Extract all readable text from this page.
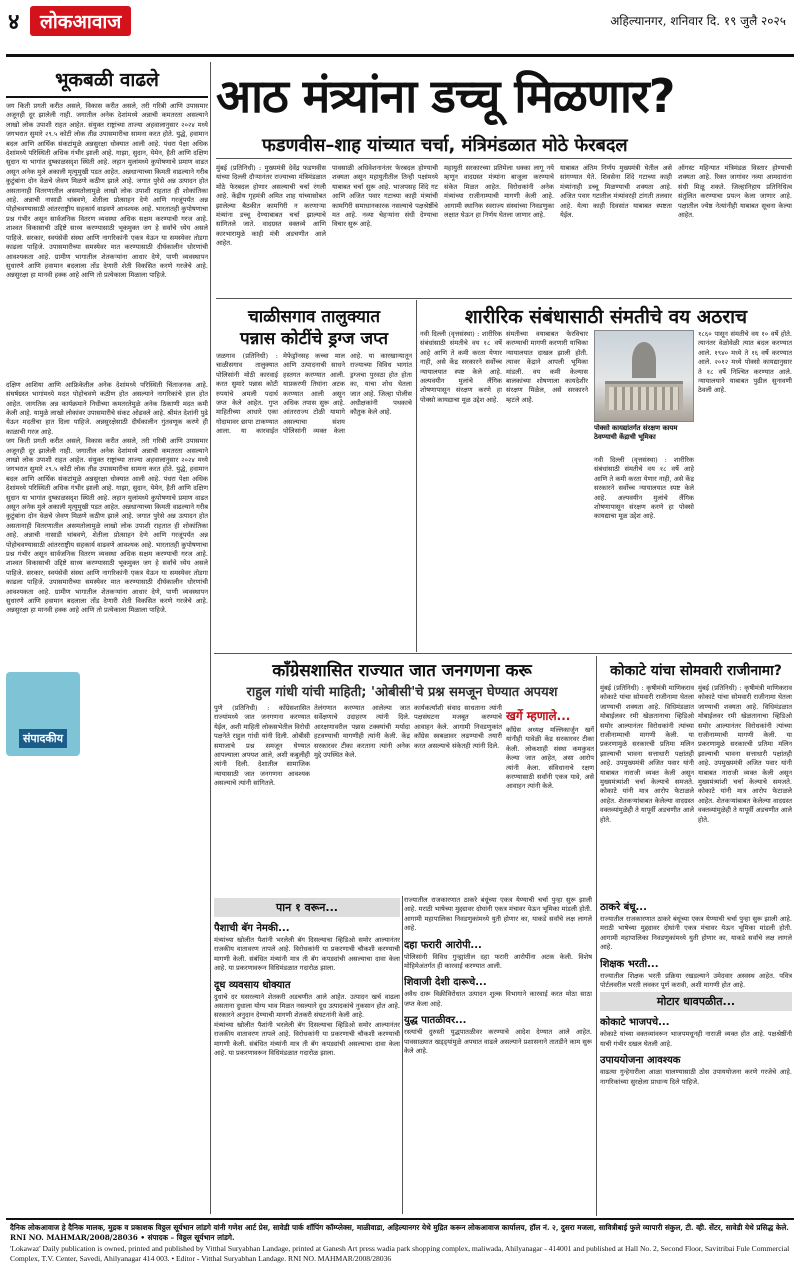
४	लोकआवाज	अहिल्यानगर, शनिवार दि. १९ जुलै २०२५
भूकबळी वाढले
जग किती प्रगती करीत असले, विकास करीत असले, तरी गरिबी आणि उपासमार अजूनही दूर झालेली नाही. जगातील अनेक देशांमध्ये अन्नाची कमतरता असल्याने लाखो लोक उपाशी राहत आहेत. संयुक्त राष्ट्रांच्या ताज्या अहवालानुसार २०२४ मध्ये जगभरात सुमारे २९.५ कोटी लोक तीव्र उपासमारीचा सामना करत होते. युद्धे, हवामान बदल आणि आर्थिक संकटांमुळे अन्नसुरक्षा धोक्यात आली आहे. पंधरा पेक्षा अधिक देशांमध्ये परिस्थिती अधिक गंभीर झाली आहे. गाझा, सुदान, येमेन, हैती आणि दक्षिण सुदान या भागांत दुष्काळसदृश स्थिती आहे. लहान मुलांमध्ये कुपोषणाचे प्रमाण वाढत असून अनेक मुले अकाली मृत्युमुखी पडत आहेत. अन्नधान्याच्या किमती वाढल्याने गरीब कुटुंबांना दोन वेळचे जेवण मिळणे कठीण झाले आहे. जगात पुरेसे अन्न उत्पादन होत असतानाही वितरणातील असमतोलामुळे लाखो लोक उपाशी राहतात ही शोकांतिका आहे. अन्नाची नासाडी थांबवणे, शेतीला प्रोत्साहन देणे आणि गरजूंपर्यंत अन्न पोहोचवण्यासाठी आंतरराष्ट्रीय सहकार्य वाढवणे आवश्यक आहे. भारतातही कुपोषणाचा प्रश्न गंभीर असून सार्वजनिक वितरण व्यवस्था अधिक सक्षम करण्याची गरज आहे. शाश्वत विकासाची उद्दिष्टे साध्य करण्यासाठी भूकमुक्त जग हे सर्वांचे ध्येय असले पाहिजे. सरकार, स्वयंसेवी संस्था आणि नागरिकांनी एकत्र येऊन या समस्येवर तोडगा काढला पाहिजे. उपासमारीच्या समस्येवर मात करण्यासाठी दीर्घकालीन धोरणांची आवश्यकता आहे. ग्रामीण भागातील शेतकऱ्यांना आधार देणे, पाणी व्यवस्थापन सुधारणे आणि हवामान बदलाला तोंड देणारी शेती विकसित करणे गरजेचे आहे. अन्नसुरक्षा हा मानवी हक्क आहे आणि तो प्रत्येकाला मिळाला पाहिजे.
दक्षिण आशिया आणि आफ्रिकेतील अनेक देशांमध्ये परिस्थिती चिंताजनक आहे. संघर्षग्रस्त भागांमध्ये मदत पोहोचवणे कठीण होत असल्याने नागरिकांचे हाल होत आहेत. जागतिक अन्न कार्यक्रमाने निधीच्या कमतरतेमुळे अनेक ठिकाणी मदत कमी केली आहे. यामुळे लाखो लोकांवर उपासमारीचे संकट ओढवले आहे. श्रीमंत देशांनी पुढे येऊन मदतीचा हात दिला पाहिजे. अन्नसुरक्षेसाठी दीर्घकालीन गुंतवणूक करणे ही काळाची गरज आहे.
जग किती प्रगती करीत असले, विकास करीत असले, तरी गरिबी आणि उपासमार अजूनही दूर झालेली नाही. जगातील अनेक देशांमध्ये अन्नाची कमतरता असल्याने लाखो लोक उपाशी राहत आहेत. संयुक्त राष्ट्रांच्या ताज्या अहवालानुसार २०२४ मध्ये जगभरात सुमारे २९.५ कोटी लोक तीव्र उपासमारीचा सामना करत होते. युद्धे, हवामान बदल आणि आर्थिक संकटांमुळे अन्नसुरक्षा धोक्यात आली आहे. पंधरा पेक्षा अधिक देशांमध्ये परिस्थिती अधिक गंभीर झाली आहे. गाझा, सुदान, येमेन, हैती आणि दक्षिण सुदान या भागांत दुष्काळसदृश स्थिती आहे. लहान मुलांमध्ये कुपोषणाचे प्रमाण वाढत असून अनेक मुले अकाली मृत्युमुखी पडत आहेत. अन्नधान्याच्या किमती वाढल्याने गरीब कुटुंबांना दोन वेळचे जेवण मिळणे कठीण झाले आहे. जगात पुरेसे अन्न उत्पादन होत असतानाही वितरणातील असमतोलामुळे लाखो लोक उपाशी राहतात ही शोकांतिका आहे. अन्नाची नासाडी थांबवणे, शेतीला प्रोत्साहन देणे आणि गरजूंपर्यंत अन्न पोहोचवण्यासाठी आंतरराष्ट्रीय सहकार्य वाढवणे आवश्यक आहे. भारतातही कुपोषणाचा प्रश्न गंभीर असून सार्वजनिक वितरण व्यवस्था अधिक सक्षम करण्याची गरज आहे. शाश्वत विकासाची उद्दिष्टे साध्य करण्यासाठी भूकमुक्त जग हे सर्वांचे ध्येय असले पाहिजे. सरकार, स्वयंसेवी संस्था आणि नागरिकांनी एकत्र येऊन या समस्येवर तोडगा काढला पाहिजे. उपासमारीच्या समस्येवर मात करण्यासाठी दीर्घकालीन धोरणांची आवश्यकता आहे. ग्रामीण भागातील शेतकऱ्यांना आधार देणे, पाणी व्यवस्थापन सुधारणे आणि हवामान बदलाला तोंड देणारी शेती विकसित करणे गरजेचे आहे. अन्नसुरक्षा हा मानवी हक्क आहे आणि तो प्रत्येकाला मिळाला पाहिजे.
संपादकीय
आठ मंत्र्यांना डच्चू मिळणार?
फडणवीस–शाह यांच्यात चर्चा, मंत्रिमंडळात मोठे फेरबदल
मुंबई (प्रतिनिधी) : मुख्यमंत्री देवेंद्र फडणवीस यांच्या दिल्ली दौऱ्यानंतर राज्याच्या मंत्रिमंडळात मोठे फेरबदल होणार असल्याची चर्चा रंगली आहे. केंद्रीय गृहमंत्री अमित शाह यांच्यासोबत झालेल्या बैठकीत कामगिरी न करणाऱ्या मंत्र्यांना डच्चू देण्याबाबत चर्चा झाल्याचे सांगितले जाते. वादग्रस्त वक्तव्ये आणि कारभारामुळे काही मंत्री अडचणीत आले आहेत.
पावसाळी अधिवेशनानंतर फेरबदल होण्याची शक्यता असून महायुतीतील तिन्ही पक्षांमध्ये याबाबत चर्चा सुरू आहे. भाजपसह शिंदे गट आणि अजित पवार गटाच्या काही मंत्र्यांची कामगिरी समाधानकारक नसल्याचे पक्षश्रेष्ठींचे मत आहे. नव्या चेहऱ्यांना संधी देण्याचा विचार सुरू आहे.
महायुती सरकारच्या प्रतिमेला धक्का लागू नये म्हणून वादग्रस्त मंत्र्यांना बाजूला करण्याचे संकेत मिळत आहेत. विरोधकांनी अनेक मंत्र्यांच्या राजीनाम्याची मागणी केली आहे. आगामी स्थानिक स्वराज्य संस्थांच्या निवडणुका लक्षात घेऊन हा निर्णय घेतला जाणार आहे.
याबाबत अंतिम निर्णय मुख्यमंत्री घेतील असे सांगण्यात येते. शिवसेना शिंदे गटाच्या काही मंत्र्यांनाही डच्चू मिळण्याची शक्यता आहे. अजित पवार गटातील मंत्र्यांवरही टांगती तलवार आहे. येत्या काही दिवसांत याबाबत स्पष्टता येईल.
ऑगस्ट महिन्यात मंत्रिमंडळ विस्तार होण्याची शक्यता आहे. रिक्त जागांवर नव्या आमदारांना संधी मिळू शकते. जिल्हानिहाय प्रतिनिधित्व संतुलित करण्याचा प्रयत्न केला जाणार आहे. पक्षातील ज्येष्ठ नेत्यांनीही याबाबत सूचना केल्या आहेत.
चाळीसगाव तालुक्यात
पन्नास कोटींचे ड्रग्ज जप्त
जळगाव (प्रतिनिधी) : चाळीसगाव तालुक्यात पोलिसांनी मोठी कारवाई करत सुमारे पन्नास कोटी रुपयांचे अमली पदार्थ जप्त केले आहेत. गुप्त माहितीच्या आधारे एका गोदामावर छापा टाकण्यात आला. या कारवाईत मेफेड्रॉनसह कच्चा माल आणि उत्पादनाची साधने हस्तगत करण्यात आली. याप्रकरणी तिघांना अटक करण्यात आली असून अधिक तपास सुरू आहे. आंतरराज्य टोळी यामागे असल्याचा संशय पोलिसांनी व्यक्त केला आहे. या कारखान्यातून राज्याच्या विविध भागांत ड्रग्जचा पुरवठा होत होता का, याचा शोध घेतला जात आहे. जिल्हा पोलीस अधीक्षकांनी पथकाचे कौतुक केले आहे.
शारीरिक संबंधासाठी संमतीचे वय अठराच
नवी दिल्ली (वृत्तसंस्था) : शारीरिक संबंधांसाठी संमतीचे वय १८ वर्षे आहे आणि ते कमी करता येणार नाही, असे केंद्र सरकारने सर्वोच्च न्यायालयात स्पष्ट केले आहे. अल्पवयीन मुलांचे लैंगिक शोषणापासून संरक्षण करणे हा पोक्सो कायद्याचा मूळ उद्देश आहे.
संमतीच्या वयाबाबत फेरविचार करण्याची मागणी करणारी याचिका न्यायालयात दाखल झाली होती. त्यावर केंद्राने आपली भूमिका मांडली. वय कमी केल्यास बालकांच्या शोषणाला कायदेशीर संरक्षण मिळेल, असे सरकारने म्हटले आहे.
पोक्सो कायद्यांतर्गत संरक्षण कायम ठेवण्याची केंद्राची भूमिका
नवी दिल्ली (वृत्तसंस्था) : शारीरिक संबंधांसाठी संमतीचे वय १८ वर्षे आहे आणि ते कमी करता येणार नाही, असे केंद्र सरकारने सर्वोच्च न्यायालयात स्पष्ट केले आहे. अल्पवयीन मुलांचे लैंगिक शोषणापासून संरक्षण करणे हा पोक्सो कायद्याचा मूळ उद्देश आहे.
१८६० पासून संमतीचे वय १० वर्षे होते. त्यानंतर वेळोवेळी त्यात बदल करण्यात आले. १९४० मध्ये ते १६ वर्षे करण्यात आले. २०१२ मध्ये पोक्सो कायद्यानुसार ते १८ वर्षे निश्चित करण्यात आले. न्यायालयाने याबाबत पुढील सुनावणी ठेवली आहे.
काँग्रेसशासित राज्यात जात जनगणना करू
राहुल गांधी यांची माहिती; 'ओबीसी'चे प्रश्न समजून घेण्यात अपयश
पुणे (प्रतिनिधी) : काँग्रेसशासित राज्यांमध्ये जात जनगणना करण्यात येईल, अशी माहिती लोकसभेतील विरोधी पक्षनेते राहुल गांधी यांनी दिली. ओबीसी समाजाचे प्रश्न समजून घेण्यात आपल्याला अपयश आले, अशी कबुलीही त्यांनी दिली. देशातील सामाजिक न्यायासाठी जात जनगणना आवश्यक असल्याचे त्यांनी सांगितले.
तेलंगणात करण्यात आलेल्या जात सर्वेक्षणाचे उदाहरण त्यांनी दिले. आरक्षणावरील पन्नास टक्क्यांची मर्यादा हटवण्याची मागणीही त्यांनी केली. केंद्र सरकारवर टीका करताना त्यांनी अनेक मुद्दे उपस्थित केले.
कार्यकर्त्यांशी संवाद साधताना त्यांनी पक्षसंघटना मजबूत करण्याचे आवाहन केले. आगामी निवडणुकांत काँग्रेस स्वबळावर लढण्याची तयारी करत असल्याचे संकेतही त्यांनी दिले.
खर्गे म्हणाले...
काँग्रेस अध्यक्ष मल्लिकार्जुन खर्गे यांनीही यावेळी केंद्र सरकारवर टीका केली. लोकशाही संस्था कमकुवत केल्या जात आहेत, असा आरोप त्यांनी केला. संविधानाचे रक्षण करण्यासाठी सर्वांनी एकत्र यावे, असे आवाहन त्यांनी केले.
कोकाटे यांचा सोमवारी राजीनामा?
मुंबई (प्रतिनिधी) : कृषीमंत्री माणिकराव कोकाटे यांचा सोमवारी राजीनामा घेतला जाण्याची शक्यता आहे. विधिमंडळात मोबाईलवर रमी खेळतानाचा व्हिडिओ समोर आल्यानंतर विरोधकांनी त्यांच्या राजीनाम्याची मागणी केली. या प्रकरणामुळे सरकारची प्रतिमा मलिन झाल्याची भावना सत्ताधारी पक्षांतही आहे. उपमुख्यमंत्री अजित पवार यांनी याबाबत नाराजी व्यक्त केली असून मुख्यमंत्र्यांशी चर्चा केल्याचे समजते. कोकाटे यांनी मात्र आरोप फेटाळले आहेत. शेतकऱ्यांबाबत केलेल्या वादग्रस्त वक्तव्यांमुळेही ते यापूर्वी अडचणीत आले होते.
मुंबई (प्रतिनिधी) : कृषीमंत्री माणिकराव कोकाटे यांचा सोमवारी राजीनामा घेतला जाण्याची शक्यता आहे. विधिमंडळात मोबाईलवर रमी खेळतानाचा व्हिडिओ समोर आल्यानंतर विरोधकांनी त्यांच्या राजीनाम्याची मागणी केली. या प्रकरणामुळे सरकारची प्रतिमा मलिन झाल्याची भावना सत्ताधारी पक्षांतही आहे. उपमुख्यमंत्री अजित पवार यांनी याबाबत नाराजी व्यक्त केली असून मुख्यमंत्र्यांशी चर्चा केल्याचे समजते. कोकाटे यांनी मात्र आरोप फेटाळले आहेत. शेतकऱ्यांबाबत केलेल्या वादग्रस्त वक्तव्यांमुळेही ते यापूर्वी अडचणीत आले होते.
पान १ वरून...
पैशाची बॅग नेमकी...
मंत्र्यांच्या खोलीत पैशांनी भरलेली बॅग दिसल्याचा व्हिडिओ समोर आल्यानंतर राजकीय वातावरण तापले आहे. विरोधकांनी या प्रकरणाची चौकशी करण्याची मागणी केली. संबंधित मंत्र्यांनी मात्र ती बॅग कपड्यांची असल्याचा दावा केला आहे. या प्रकरणावरून विधिमंडळात गदारोळ झाला.
दूध व्यवसाय धोक्यात
दुधाचे दर घसरल्याने शेतकरी अडचणीत आले आहेत. उत्पादन खर्च वाढला असताना दुधाला योग्य भाव मिळत नसल्याने दूध उत्पादकांचे नुकसान होत आहे. सरकारने अनुदान देण्याची मागणी शेतकरी संघटनांनी केली आहे.
मंत्र्यांच्या खोलीत पैशांनी भरलेली बॅग दिसल्याचा व्हिडिओ समोर आल्यानंतर राजकीय वातावरण तापले आहे. विरोधकांनी या प्रकरणाची चौकशी करण्याची मागणी केली. संबंधित मंत्र्यांनी मात्र ती बॅग कपड्यांची असल्याचा दावा केला आहे. या प्रकरणावरून विधिमंडळात गदारोळ झाला.
राज्यातील राजकारणात ठाकरे बंधूंच्या एकत्र येण्याची चर्चा पुन्हा सुरू झाली आहे. मराठी भाषेच्या मुद्द्यावर दोघांनी एकत्र मंचावर येऊन भूमिका मांडली होती. आगामी महापालिका निवडणुकांमध्ये युती होणार का, याकडे सर्वांचे लक्ष लागले आहे.
दहा फरारी आरोपी...
पोलिसांनी विविध गुन्ह्यांतील दहा फरारी आरोपींना अटक केली. विशेष मोहिमेअंतर्गत ही कारवाई करण्यात आली.
शिवाजी देशी दारूचे...
अवैध दारू विक्रीविरोधात उत्पादन शुल्क विभागाने कारवाई करत मोठा साठा जप्त केला आहे.
युद्ध पातळीवर...
रस्त्यांची दुरुस्ती युद्धपातळीवर करण्याचे आदेश देण्यात आले आहेत. पावसाळ्यात खड्ड्यांमुळे अपघात वाढले असल्याने प्रशासनाने तातडीने काम सुरू केले आहे.
ठाकरे बंधू...
राज्यातील राजकारणात ठाकरे बंधूंच्या एकत्र येण्याची चर्चा पुन्हा सुरू झाली आहे. मराठी भाषेच्या मुद्द्यावर दोघांनी एकत्र मंचावर येऊन भूमिका मांडली होती. आगामी महापालिका निवडणुकांमध्ये युती होणार का, याकडे सर्वांचे लक्ष लागले आहे.
शिक्षक भरती...
राज्यातील शिक्षक भरती प्रक्रिया रखडल्याने उमेदवार अस्वस्थ आहेत. पवित्र पोर्टलवरील भरती लवकर पूर्ण करावी, अशी मागणी होत आहे.
मोटार धावपळीत...
कोकाटे भाजपचे...
कोकाटे यांच्या वक्तव्यांवरून भाजपमधूनही नाराजी व्यक्त होत आहे. पक्षश्रेष्ठींनी याची गंभीर दखल घेतली आहे.
उपाययोजना आवश्यक
वाढत्या गुन्हेगारीला आळा घालण्यासाठी ठोस उपाययोजना करणे गरजेचे आहे. नागरिकांच्या सुरक्षेला प्राधान्य दिले पाहिजे.
दैनिक लोकआवाज हे दैनिक मालक, मुद्रक व प्रकाशक विठ्ठल सूर्यभान लांडगे यांनी गणेश आर्ट प्रेस, सावेडी पार्क शॉपिंग कॉम्प्लेक्स, माळीवाडा, अहिल्यानगर येथे मुद्रित करून लोकआवाज कार्यालय, हॉल नं. २, दुसरा मजला, सावित्रीबाई फुले व्यापारी संकुल, टी. व्ही. सेंटर, सावेडी येथे प्रसिद्ध केले. RNI NO. MAHMAR/2008/28036 • संपादक – विठ्ठल सूर्यभान लांडगे.
'Lokawaz' Daily publication is owned, printed and published by Vitthal Suryabhan Landage, printed at Ganesh Art press wadia park shopping complex, maliwada, Ahilyanagar - 414001 and published at Hall No. 2, Second Floor, Savitribai Fule Commercial Complex, T.V. Center, Savedi, Ahilyanagar 414 003. • Editor - Vitthal Suryabhan Landage. RNI NO. MAHMAR/2008/28036
